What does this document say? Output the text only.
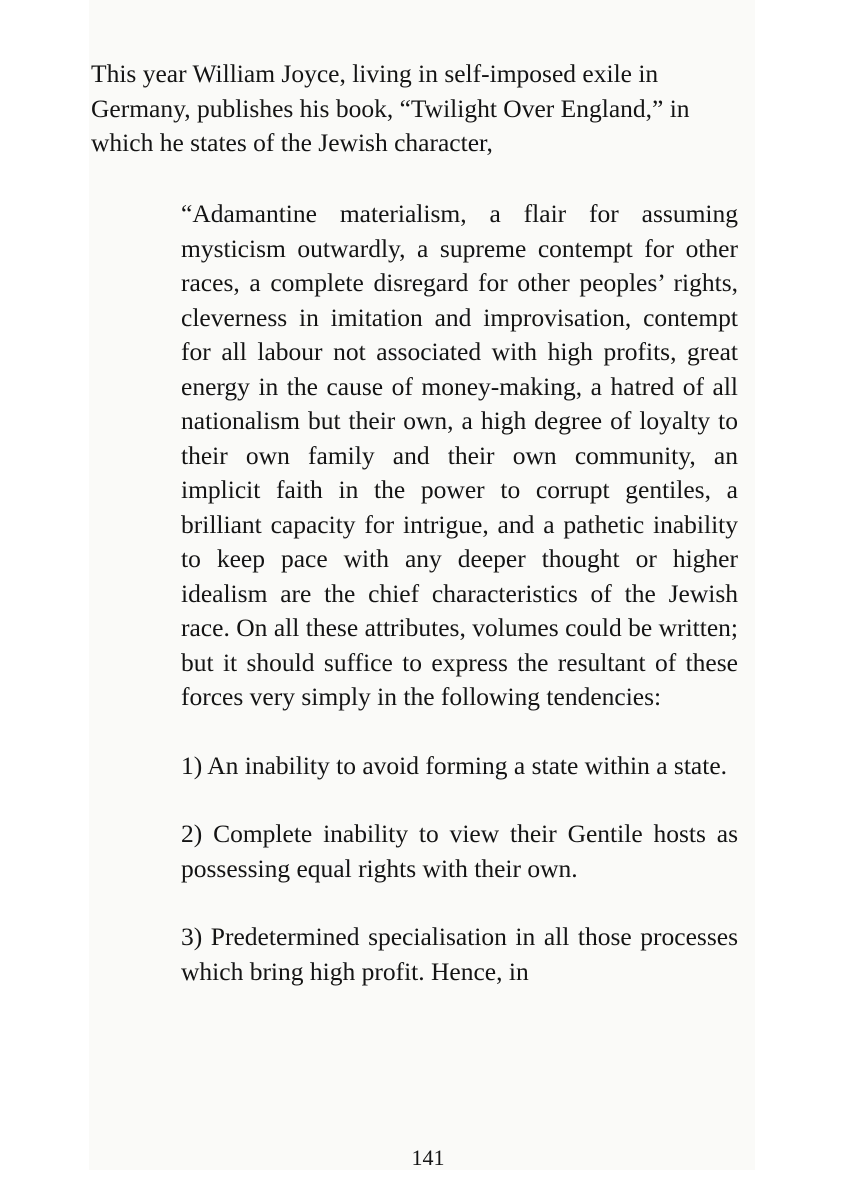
This year William Joyce, living in self-imposed exile in Germany, publishes his book, “Twilight Over England,” in which he states of the Jewish character,

“Adamantine materialism, a flair for assuming mysticism outwardly, a supreme contempt for other races, a complete disregard for other peoples’ rights, cleverness in imitation and improvisation, contempt for all labour not associated with high profits, great energy in the cause of money-making, a hatred of all nationalism but their own, a high degree of loyalty to their own family and their own community, an implicit faith in the power to corrupt gentiles, a brilliant capacity for intrigue, and a pathetic inability to keep pace with any deeper thought or higher idealism are the chief characteristics of the Jewish race. On all these attributes, volumes could be written; but it should suffice to express the resultant of these forces very simply in the following tendencies:

1) An inability to avoid forming a state within a state.

2) Complete inability to view their Gentile hosts as possessing equal rights with their own.

3) Predetermined specialisation in all those processes which bring high profit. Hence, in

141
